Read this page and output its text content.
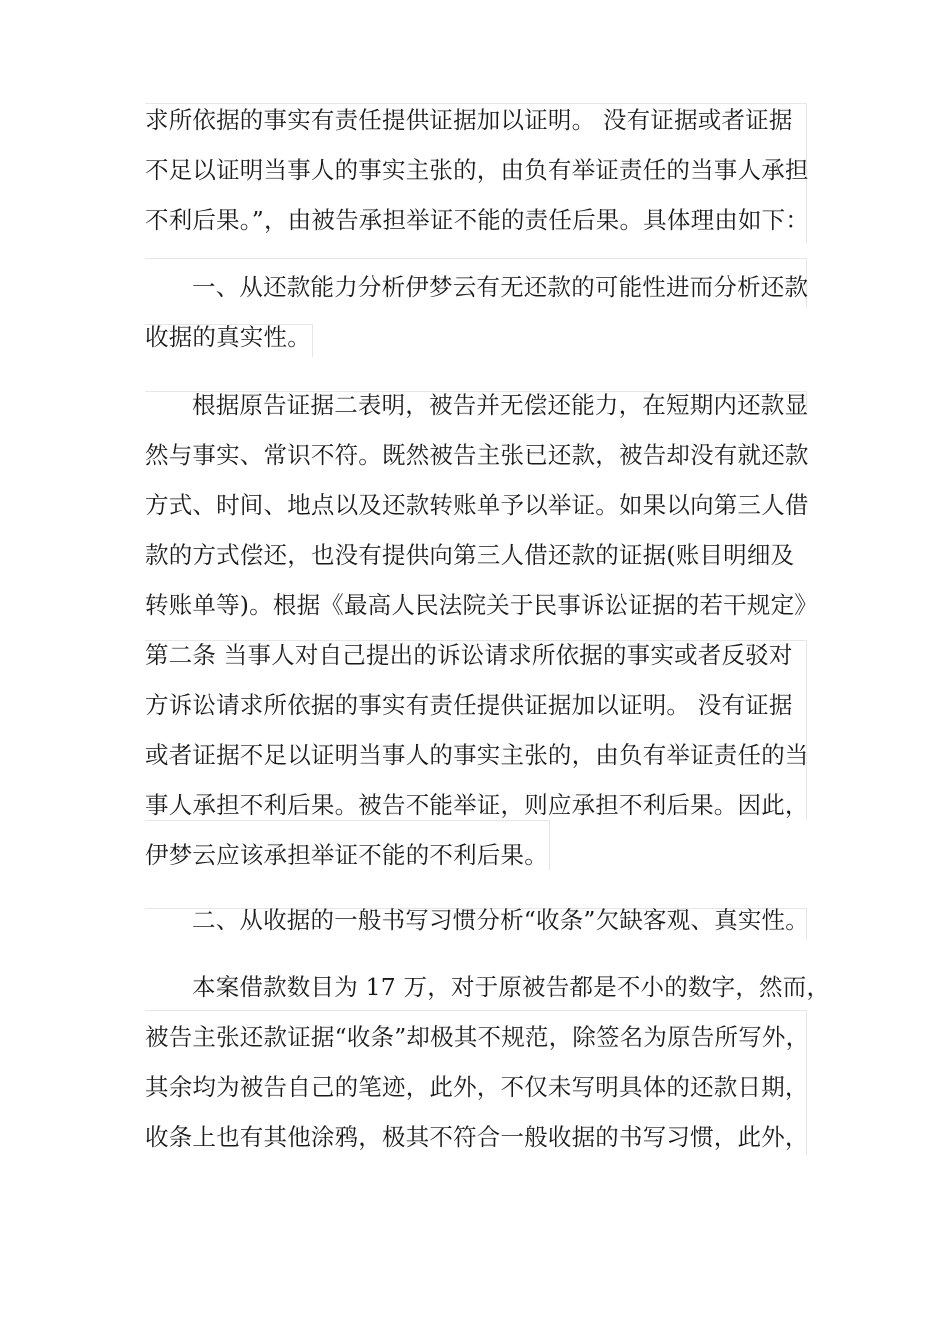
求所依据的事实有责任提供证据加以证明。 没有证据或者证据
不足以证明当事人的事实主张的，由负有举证责任的当事人承担
不利后果。”，由被告承担举证不能的责任后果。具体理由如下：
一、从还款能力分析伊梦云有无还款的可能性进而分析还款
收据的真实性。
根据原告证据二表明，被告并无偿还能力，在短期内还款显
然与事实、常识不符。既然被告主张已还款，被告却没有就还款
方式、时间、地点以及还款转账单予以举证。如果以向第三人借
款的方式偿还，也没有提供向第三人借还款的证据(账目明细及
转账单等)。根据《最高人民法院关于民事诉讼证据的若干规定》
第二条 当事人对自己提出的诉讼请求所依据的事实或者反驳对
方诉讼请求所依据的事实有责任提供证据加以证明。 没有证据
或者证据不足以证明当事人的事实主张的，由负有举证责任的当
事人承担不利后果。被告不能举证，则应承担不利后果。因此，
伊梦云应该承担举证不能的不利后果。
二、从收据的一般书写习惯分析“收条”欠缺客观、真实性。
本案借款数目为 17 万，对于原被告都是不小的数字，然而，
被告主张还款证据“收条”却极其不规范，除签名为原告所写外，
其余均为被告自己的笔迹，此外，不仅未写明具体的还款日期，
收条上也有其他涂鸦，极其不符合一般收据的书写习惯，此外，
